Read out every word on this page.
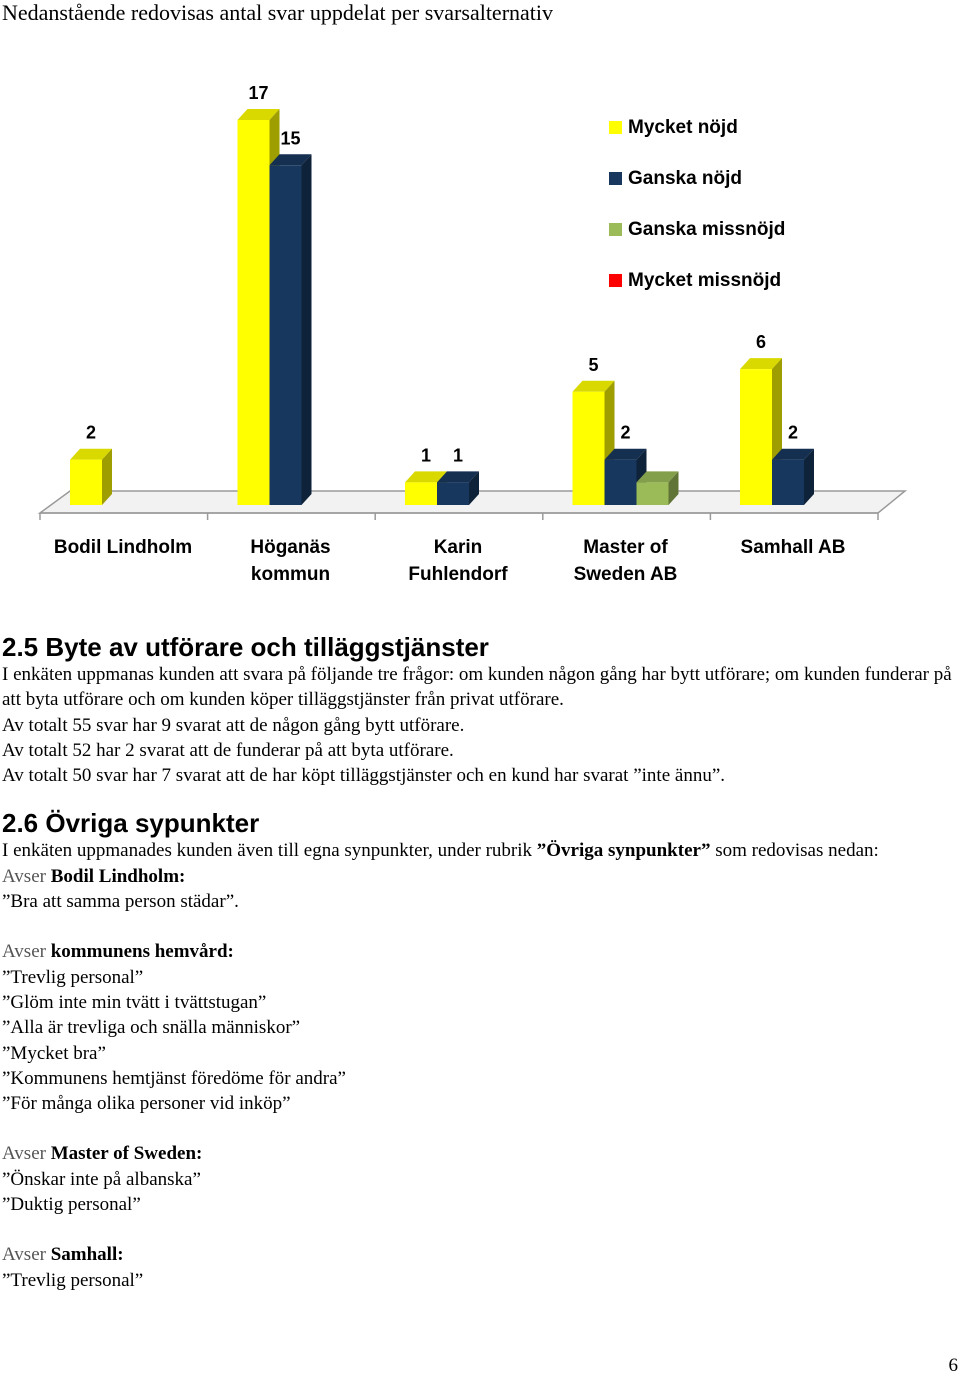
Nedanstående redovisas antal svar uppdelat per svarsalternativ
2
17
15
1 1
5
2
6
2
Bodil Lindholm	Höganäs
kommun
Karin
Fuhlendorf
Master of
Sweden AB
Samhall AB
Mycket nöjd
Ganska nöjd
Ganska missnöjd
Mycket missnöjd
2.5 Byte av utförare och tilläggstjänster

I enkäten uppmanas kunden att svara på följande tre frågor: om kunden någon gång har bytt utförare; om kunden funderar på att byta utförare och om kunden köper tilläggstjänster från privat utförare.

Av totalt 55 svar har 9 svarat att de någon gång bytt utförare.

Av totalt 52 har 2 svarat att de funderar på att byta utförare.

Av totalt 50 svar har 7 svarat att de har köpt tilläggstjänster och en kund har svarat ”inte ännu”.

2.6 Övriga sypunkter

I enkäten uppmanades kunden även till egna synpunkter, under rubrik ”Övriga synpunkter” som redovisas nedan:

Avser Bodil Lindholm:

”Bra att samma person städar”.

Avser kommunens hemvård:

”Trevlig personal”

”Glöm inte min tvätt i tvättstugan”

”Alla är trevliga och snälla människor”

”Mycket bra”

”Kommunens hemtjänst föredöme för andra”

”För många olika personer vid inköp”

Avser Master of Sweden:

”Önskar inte på albanska”

”Duktig personal”

Avser Samhall:

”Trevlig personal”

6
